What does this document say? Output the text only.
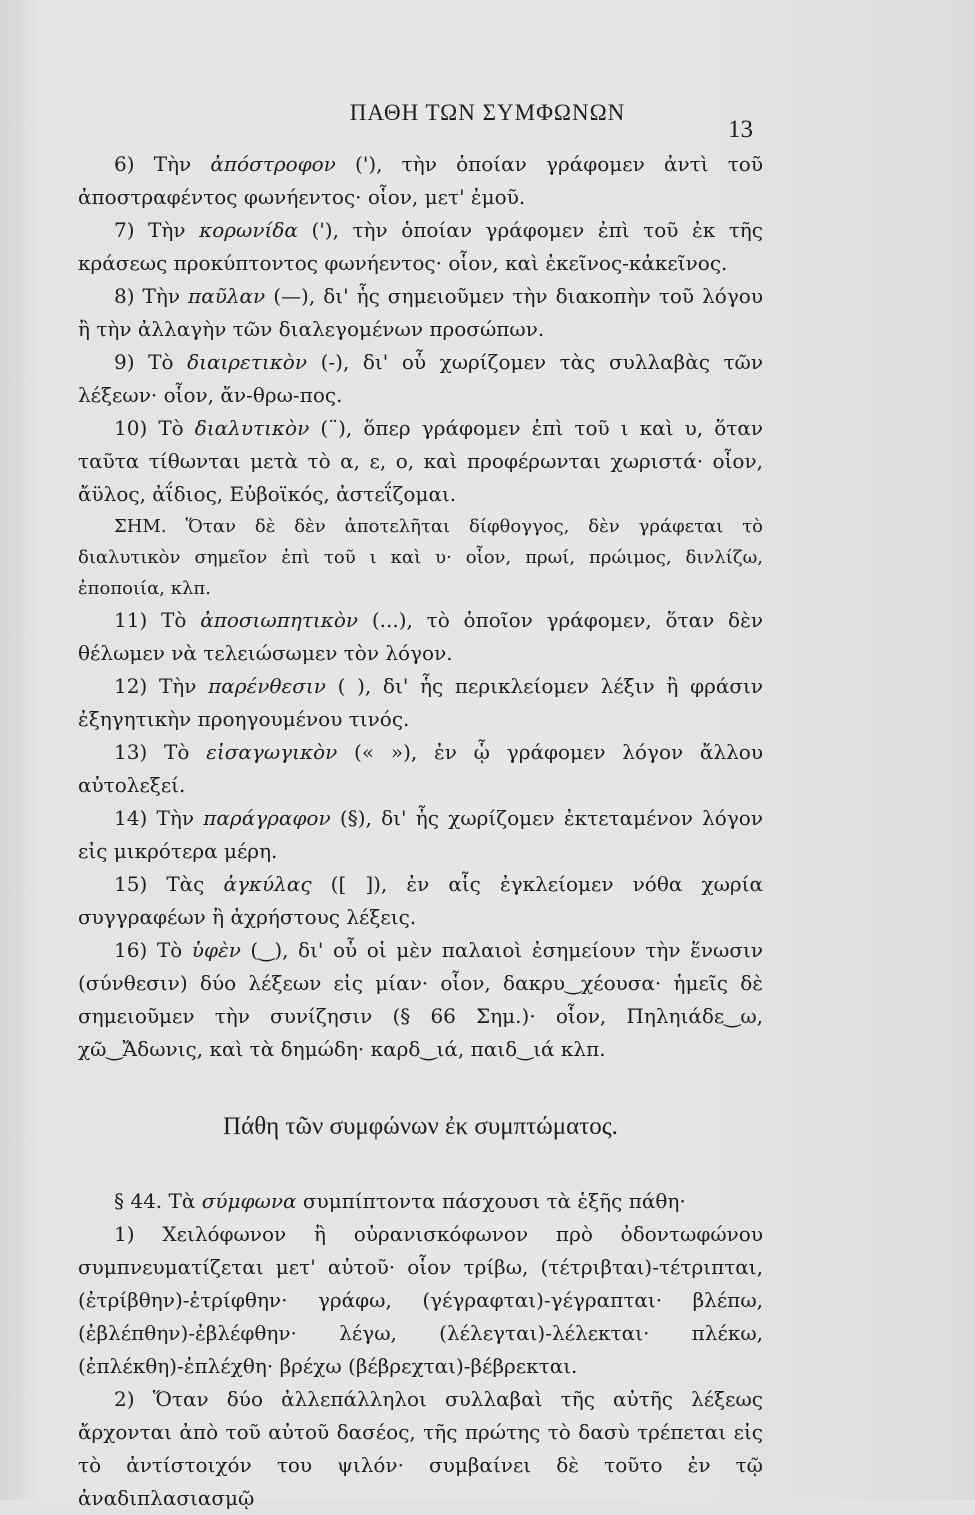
ΠΑΘΗ ΤΩΝ ΣΥΜΦΩΝΩΝ
13

6) Τὴν ἀπόστροφον ('), τὴν ὁποίαν γράφομεν ἀντὶ τοῦ ἀποστραφέντος φωνήεντος· οἷον, μετ' ἐμοῦ.

7) Τὴν κορωνίδα ('), τὴν ὁποίαν γράφομεν ἐπὶ τοῦ ἐκ τῆς κράσεως προκύπτοντος φωνήεντος· οἷον, καὶ ἐκεῖνος-κἀκεῖνος.

8) Τὴν παῦλαν (—), δι' ἧς σημειοῦμεν τὴν διακοπὴν τοῦ λόγου ἢ τὴν ἀλλαγὴν τῶν διαλεγομένων προσώπων.

9) Τὸ διαιρετικὸν (-), δι' οὗ χωρίζομεν τὰς συλλαβὰς τῶν λέξεων· οἷον, ἄν-θρω-πος.

10) Τὸ διαλυτικὸν (¨), ὅπερ γράφομεν ἐπὶ τοῦ ι καὶ υ, ὅταν ταῦτα τίθωνται μετὰ τὸ α, ε, ο, καὶ προφέρωνται χωριστά· οἷον, ἄϋλος, ἀΐδιος, Εὐβοϊκός, ἀστεΐζομαι.

ΣΗΜ. Ὅταν δὲ δὲν ἀποτελῆται δίφθογγος, δὲν γράφεται τὸ διαλυτικὸν σημεῖον ἐπὶ τοῦ ι καὶ υ· οἷον, πρωί, πρώιμος, δινλίζω, ἐποποιία, κλπ.

11) Τὸ ἀποσιωπητικὸν (...), τὸ ὁποῖον γράφομεν, ὅταν δὲν θέλωμεν νὰ τελειώσωμεν τὸν λόγον.

12) Τὴν παρένθεσιν ( ), δι' ἧς περικλείομεν λέξιν ἢ φράσιν ἐξηγητικὴν προηγουμένου τινός.

13) Τὸ εἰσαγωγικὸν (« »), ἐν ᾧ γράφομεν λόγον ἄλλου αὐτολεξεί.

14) Τὴν παράγραφον (§), δι' ἧς χωρίζομεν ἐκτεταμένον λόγον εἰς μικρότερα μέρη.

15) Τὰς ἀγκύλας ([ ]), ἐν αἷς ἐγκλείομεν νόθα χωρία συγγραφέων ἢ ἀχρήστους λέξεις.

16) Τὸ ὑφὲν (‿), δι' οὗ οἱ μὲν παλαιοὶ ἐσημείουν τὴν ἕνωσιν (σύνθεσιν) δύο λέξεων εἰς μίαν· οἷον, δακρυ‿χέουσα· ἡμεῖς δὲ σημειοῦμεν τὴν συνίζησιν (§ 66 Σημ.)· οἷον, Πηληιάδε‿ω, χῶ‿Ἄδωνις, καὶ τὰ δημώδη· καρδ‿ιά, παιδ‿ιά κλπ.

Πάθη τῶν συμφώνων ἐκ συμπτώματος.

§ 44. Τὰ σύμφωνα συμπίπτοντα πάσχουσι τὰ ἑξῆς πάθη·

1) Χειλόφωνον ἢ οὐρανισκόφωνον πρὸ ὀδοντωφώνου συμπνευματίζεται μετ' αὐτοῦ· οἷον τρίβω, (τέτριβται)-τέτριπται, (ἐτρίβθην)-ἐτρίφθην· γράφω, (γέγραφται)-γέγραπται· βλέπω, (ἐβλέπθην)-ἐβλέφθην· λέγω, (λέλεγται)-λέλεκται· πλέκω, (ἐπλέκθη)-ἐπλέχθη· βρέχω (βέβρεχται)-βέβρεκται.

2) Ὅταν δύο ἀλλεπάλληλοι συλλαβαὶ τῆς αὐτῆς λέξεως ἄρχονται ἀπὸ τοῦ αὐτοῦ δασέος, τῆς πρώτης τὸ δασὺ τρέπεται εἰς τὸ ἀντίστοιχόν του ψιλόν· συμβαίνει δὲ τοῦτο ἐν τῷ ἀναδιπλασιασμῷ
